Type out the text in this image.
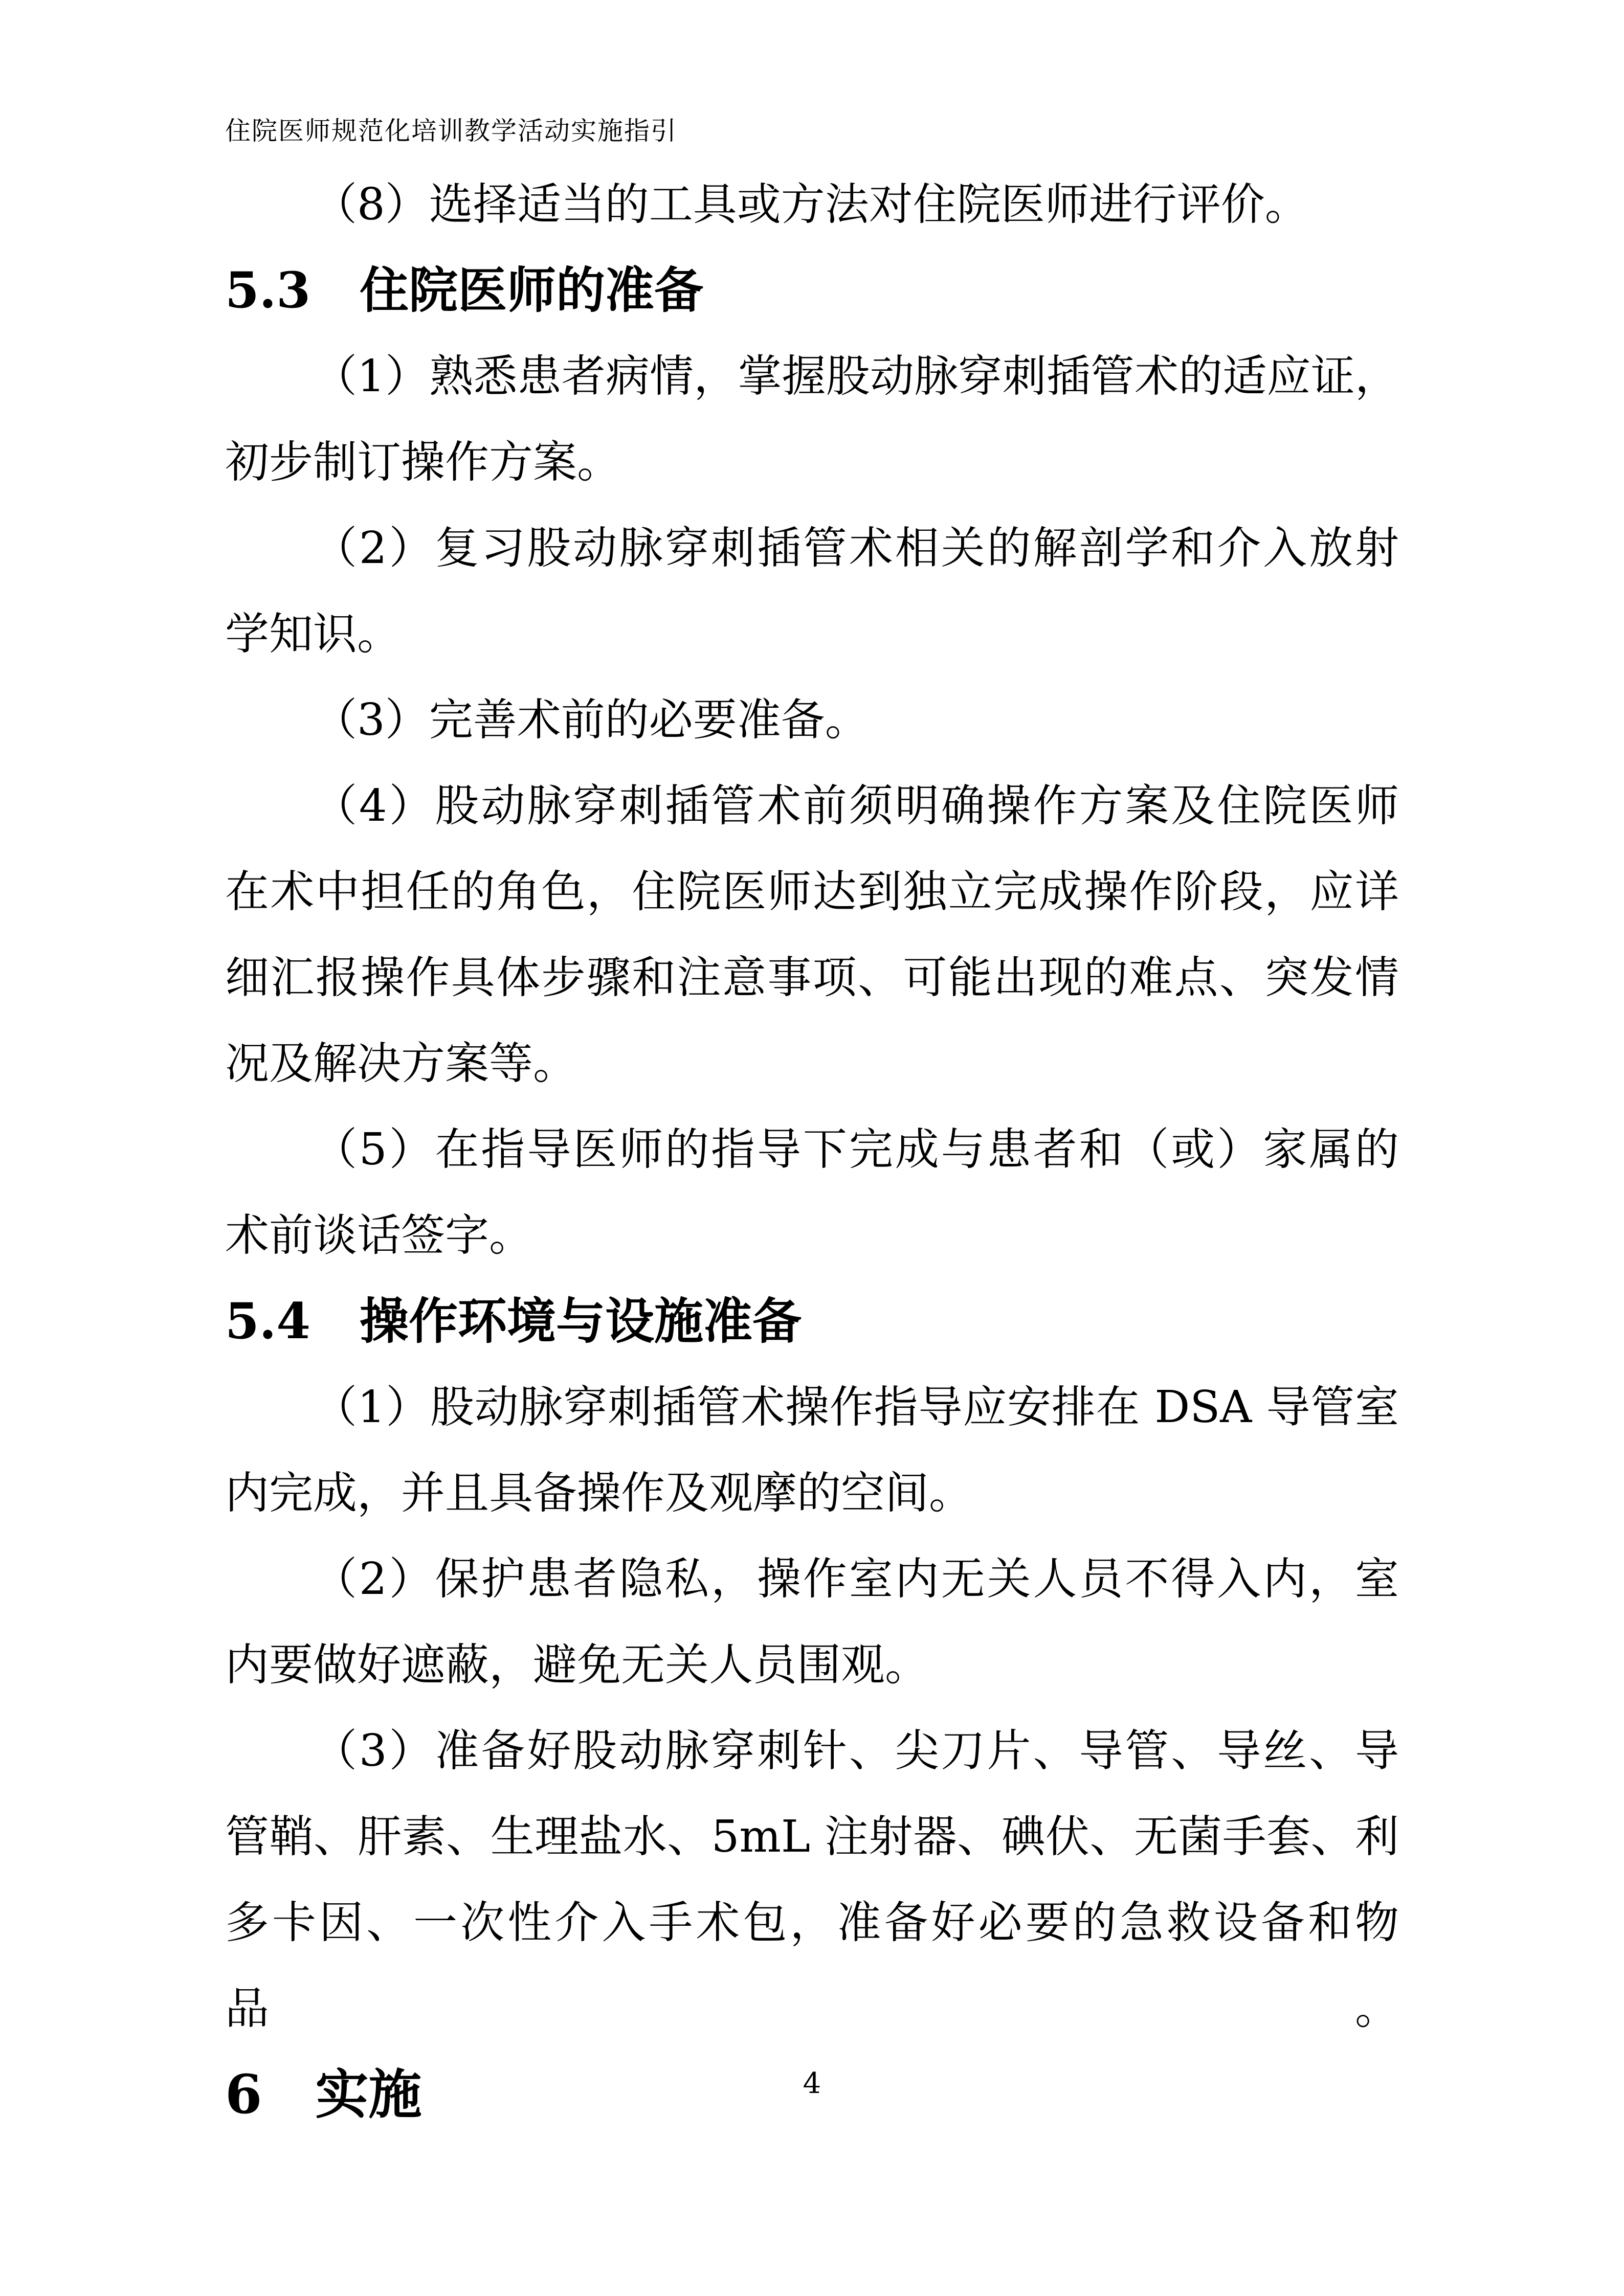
住院医师规范化培训教学活动实施指引
（8）选择适当的工具或方法对住院医师进行评价。
5.3　住院医师的准备
（1）熟悉患者病情，掌握股动脉穿刺插管术的适应证，
初步制订操作方案。
（2）复习股动脉穿刺插管术相关的解剖学和介入放射
学知识。
（3）完善术前的必要准备。
（4）股动脉穿刺插管术前须明确操作方案及住院医师
在术中担任的角色，住院医师达到独立完成操作阶段，应详
细汇报操作具体步骤和注意事项、可能出现的难点、突发情
况及解决方案等。
（5）在指导医师的指导下完成与患者和（或）家属的
术前谈话签字。
5.4　操作环境与设施准备
（1）股动脉穿刺插管术操作指导应安排在 DSA 导管室
内完成，并且具备操作及观摩的空间。
（2）保护患者隐私，操作室内无关人员不得入内，室
内要做好遮蔽，避免无关人员围观。
（3）准备好股动脉穿刺针、尖刀片、导管、导丝、导
管鞘、肝素、生理盐水、5mL 注射器、碘伏、无菌手套、利
多卡因、一次性介入手术包，准备好必要的急救设备和物品。
6　实施	4
